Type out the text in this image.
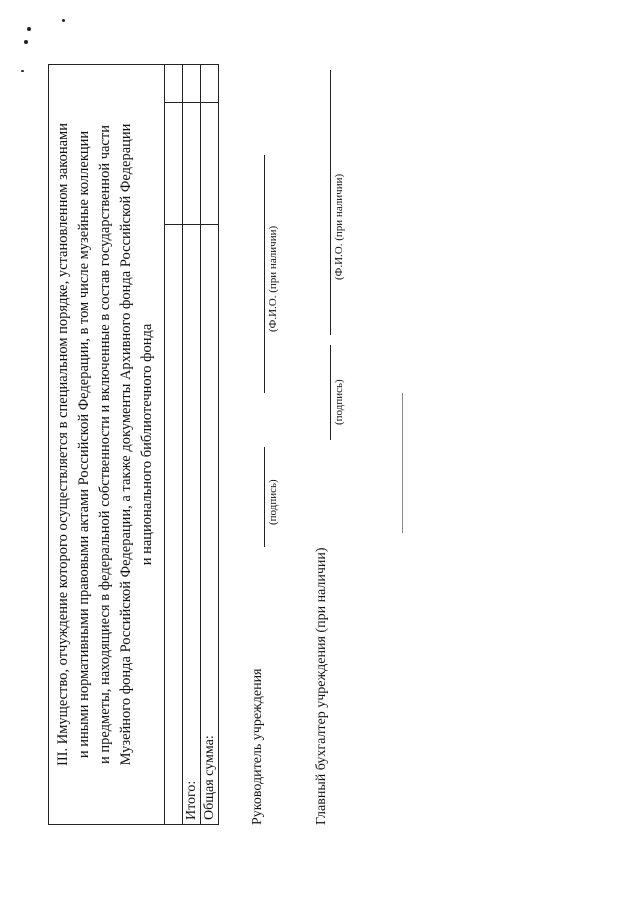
III. Имущество, отчуждение которого осуществляется в специальном порядке, установленном законами и иными нормативными правовыми актами Российской Федерации, в том числе музейные коллекции и предметы, находящиеся в федеральной собственности и включенные в состав государственной части Музейного фонда Российской Федерации, а также документы Архивного фонда Российской Федерации и национального библиотечного фонда		

Итого:		
Общая сумма:		Руководитель учреждения
(подпись)
(Ф.И.О. (при наличии)
Главный бухгалтер учреждения (при наличии)
(подпись)
(Ф.И.О. (при наличии)
